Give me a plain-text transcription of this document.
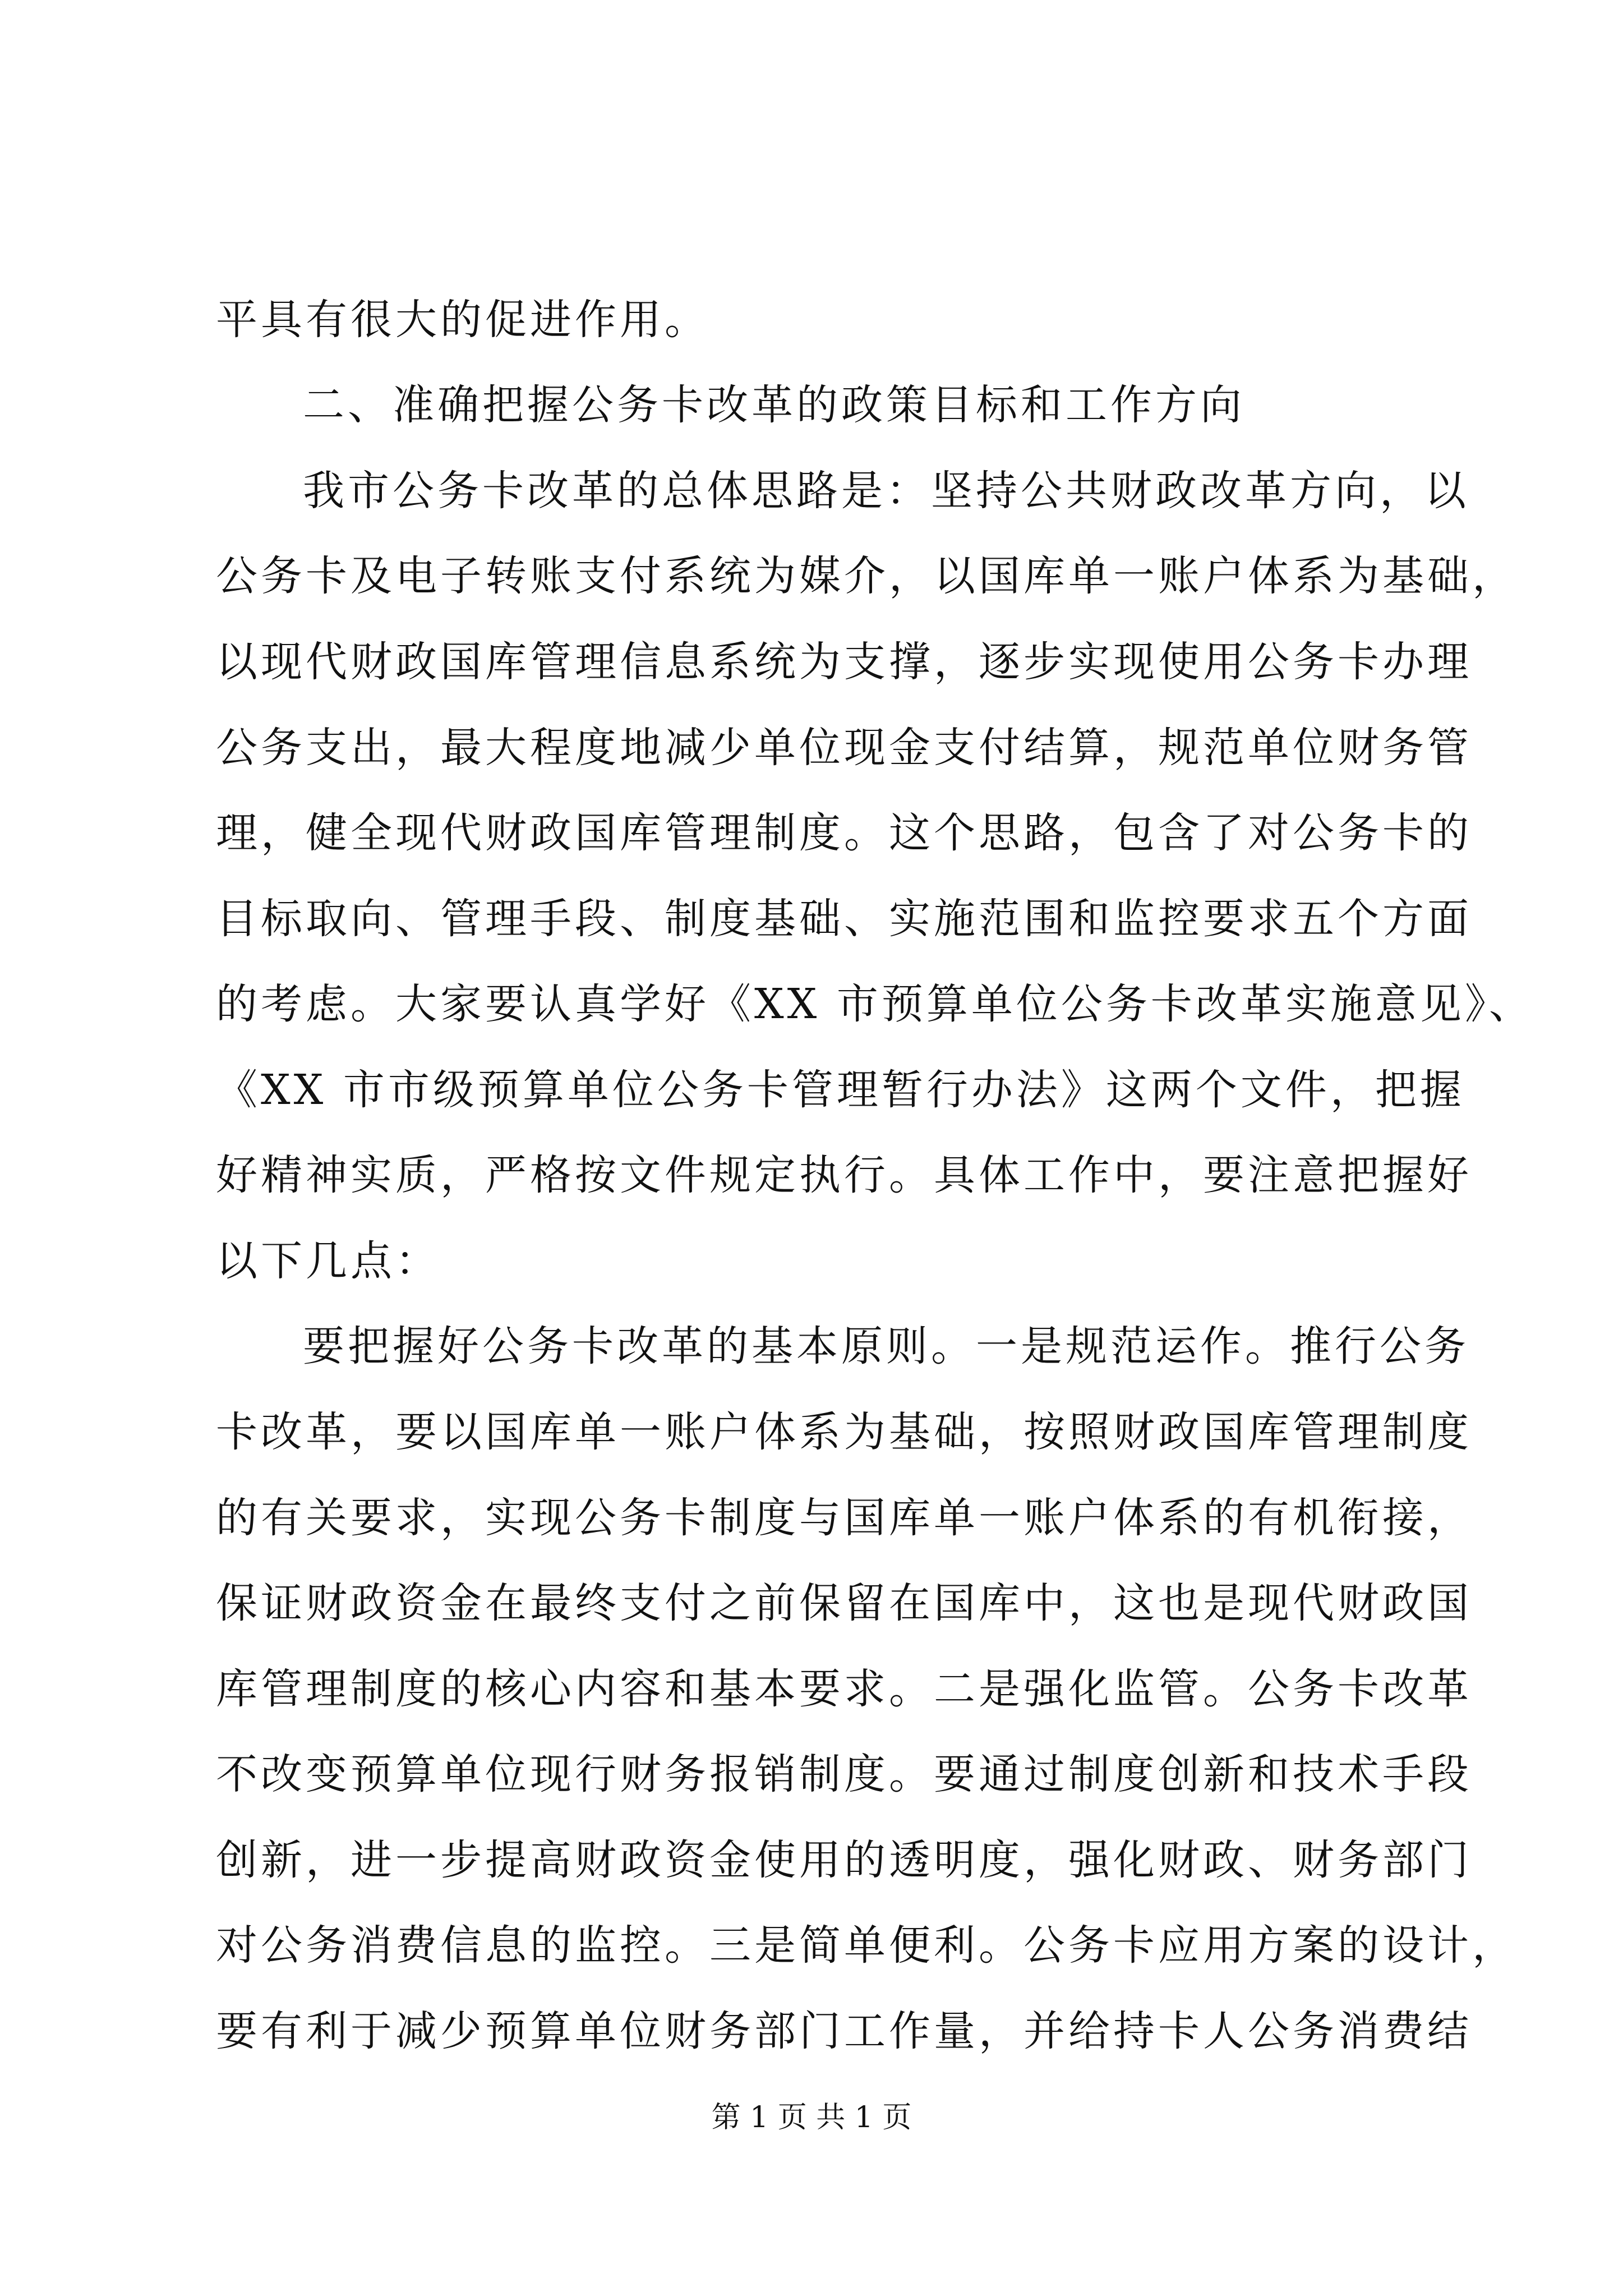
平具有很大的促进作用。
二、准确把握公务卡改革的政策目标和工作方向
我市公务卡改革的总体思路是：坚持公共财政改革方向，以
公务卡及电子转账支付系统为媒介，以国库单一账户体系为基础，
以现代财政国库管理信息系统为支撑，逐步实现使用公务卡办理
公务支出，最大程度地减少单位现金支付结算，规范单位财务管
理，健全现代财政国库管理制度。这个思路，包含了对公务卡的
目标取向、管理手段、制度基础、实施范围和监控要求五个方面
的考虑。大家要认真学好《XX 市预算单位公务卡改革实施意见》、
《XX 市市级预算单位公务卡管理暂行办法》这两个文件，把握
好精神实质，严格按文件规定执行。具体工作中，要注意把握好
以下几点：
要把握好公务卡改革的基本原则。一是规范运作。推行公务
卡改革，要以国库单一账户体系为基础，按照财政国库管理制度
的有关要求，实现公务卡制度与国库单一账户体系的有机衔接，
保证财政资金在最终支付之前保留在国库中，这也是现代财政国
库管理制度的核心内容和基本要求。二是强化监管。公务卡改革
不改变预算单位现行财务报销制度。要通过制度创新和技术手段
创新，进一步提高财政资金使用的透明度，强化财政、财务部门
对公务消费信息的监控。三是简单便利。公务卡应用方案的设计，
要有利于减少预算单位财务部门工作量，并给持卡人公务消费结
第 1 页 共 1 页
